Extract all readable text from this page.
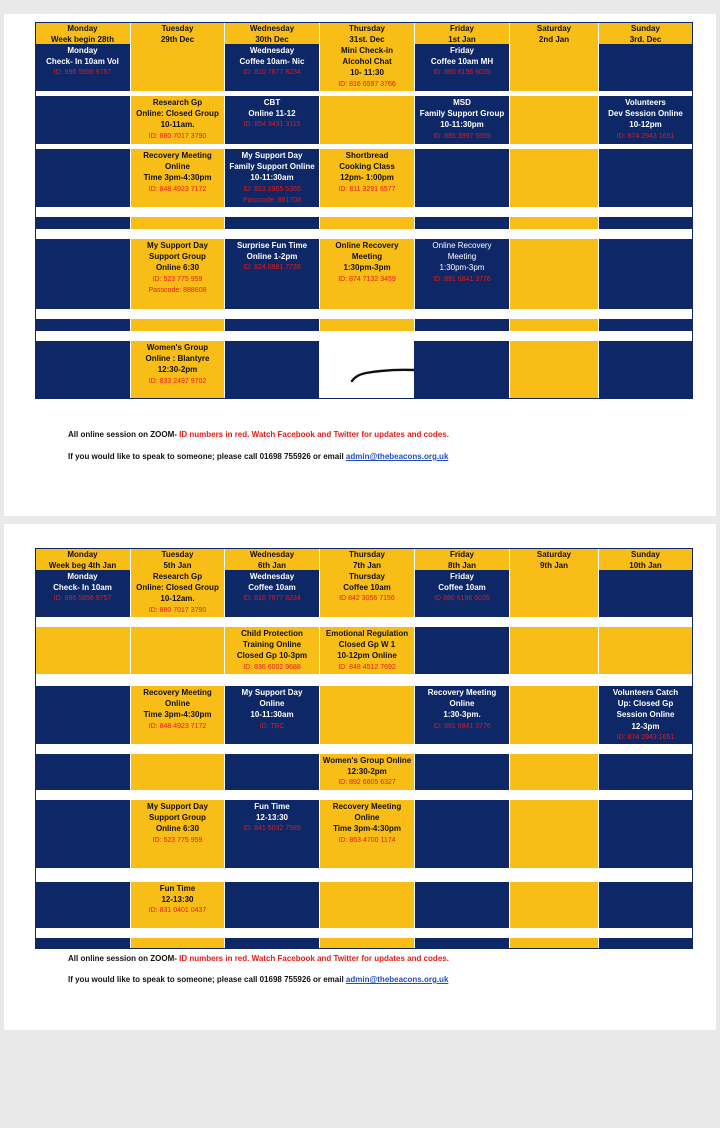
Monday
Week begin 28th
Tuesday
29th Dec
Wednesday
30th Dec
Thursday
31st. Dec
Friday
1st Jan
Saturday
2nd Jan
Sunday
3rd. Dec
Monday
Check- In 10am Vol
ID: 896 5856 9757
Wednesday
Coffee 10am- Nic
ID: 810 7677 8234
Mini Check-in
Alcohol Chat
10- 11:30
ID: 816 6597 3766
Friday
Coffee 10am MH
ID: 880 6196 6035
Research Gp
Online: Closed Group
10-11am.
ID: 880 7017 3790
CBT
Online 11-12
ID: 854 9431 3115
MSD
Family Support Group
10-11:30pm
ID: 885 3997 5559
Volunteers
Dev Session Online
10-12pm
ID: 874 2943 1651
Recovery Meeting
Online
Time 3pm-4:30pm
ID: 848 4923 7172
My Support Day
Family Support Online
10-11:30am
ID: 823 2965 5355
Passcode: 881708
Shortbread
Cooking Class
12pm- 1:00pm
ID: 811 3291 6577
My Support Day
Support Group
Online 6:30
ID: 523 775 959
Passcode: 888608
Surprise Fun Time
Online 1-2pm
ID: 824 0981 7739
Online Recovery
Meeting
1:30pm-3pm
ID: 874 7132 3459
Online Recovery
Meeting
1:30pm-3pm
ID: 891 6841 3776
Women's Group
Online : Blantyre
12:30-2pm
ID: 833 2497 9702
All online session on ZOOM- ID numbers in red. Watch Facebook and Twitter for updates and codes.
If you would like to speak to someone; please call 01698 755926 or email admin@thebeacons.org.uk
Monday
Week beg 4th Jan
Tuesday
5th Jan
Wednesday
6th Jan
Thursday
7th Jan
Friday
8th Jan
Saturday
9th Jan
Sunday
10th Jan
Monday
Check- In 10am
ID: 896 5856 9757
Research Gp
Online: Closed Group
10-12am.
ID: 880 7017 3790
Wednesday
Coffee 10am
ID: 810 7677 8234
Thursday
Coffee 10am
ID 842 3056 7156
Friday
Coffee 10am
ID 880 6196 6035
Child Protection
Training Online
Closed Gp 10-3pm
ID: 836 6002 9688
Emotional Regulation
Closed Gp W 1
10-12pm Online
ID: 848 4512 7692
Recovery Meeting
Online
Time 3pm-4:30pm
ID: 848 4923 7172
My Support Day
Online
10-11:30am
ID: TBC
Recovery Meeting
Online
1:30-3pm.
ID: 891 6841 3776
Volunteers Catch
Up: Closed Gp
Session Online
12-3pm
ID: 874 2943 1651
Women's Group Online
12:30-2pm
ID: 892 6605 6327
My Support Day
Support Group
Online 6:30
ID: 523 775 959
Fun Time
12-13:30
ID: 841 5032 7589
Recovery Meeting
Online
Time 3pm-4:30pm
ID: 863 4700 1174
Fun Time
12-13:30
ID: 831 0401 0437
All online session on ZOOM- ID numbers in red. Watch Facebook and Twitter for updates and codes.
If you would like to speak to someone; please call 01698 755926 or email admin@thebeacons.org.uk
